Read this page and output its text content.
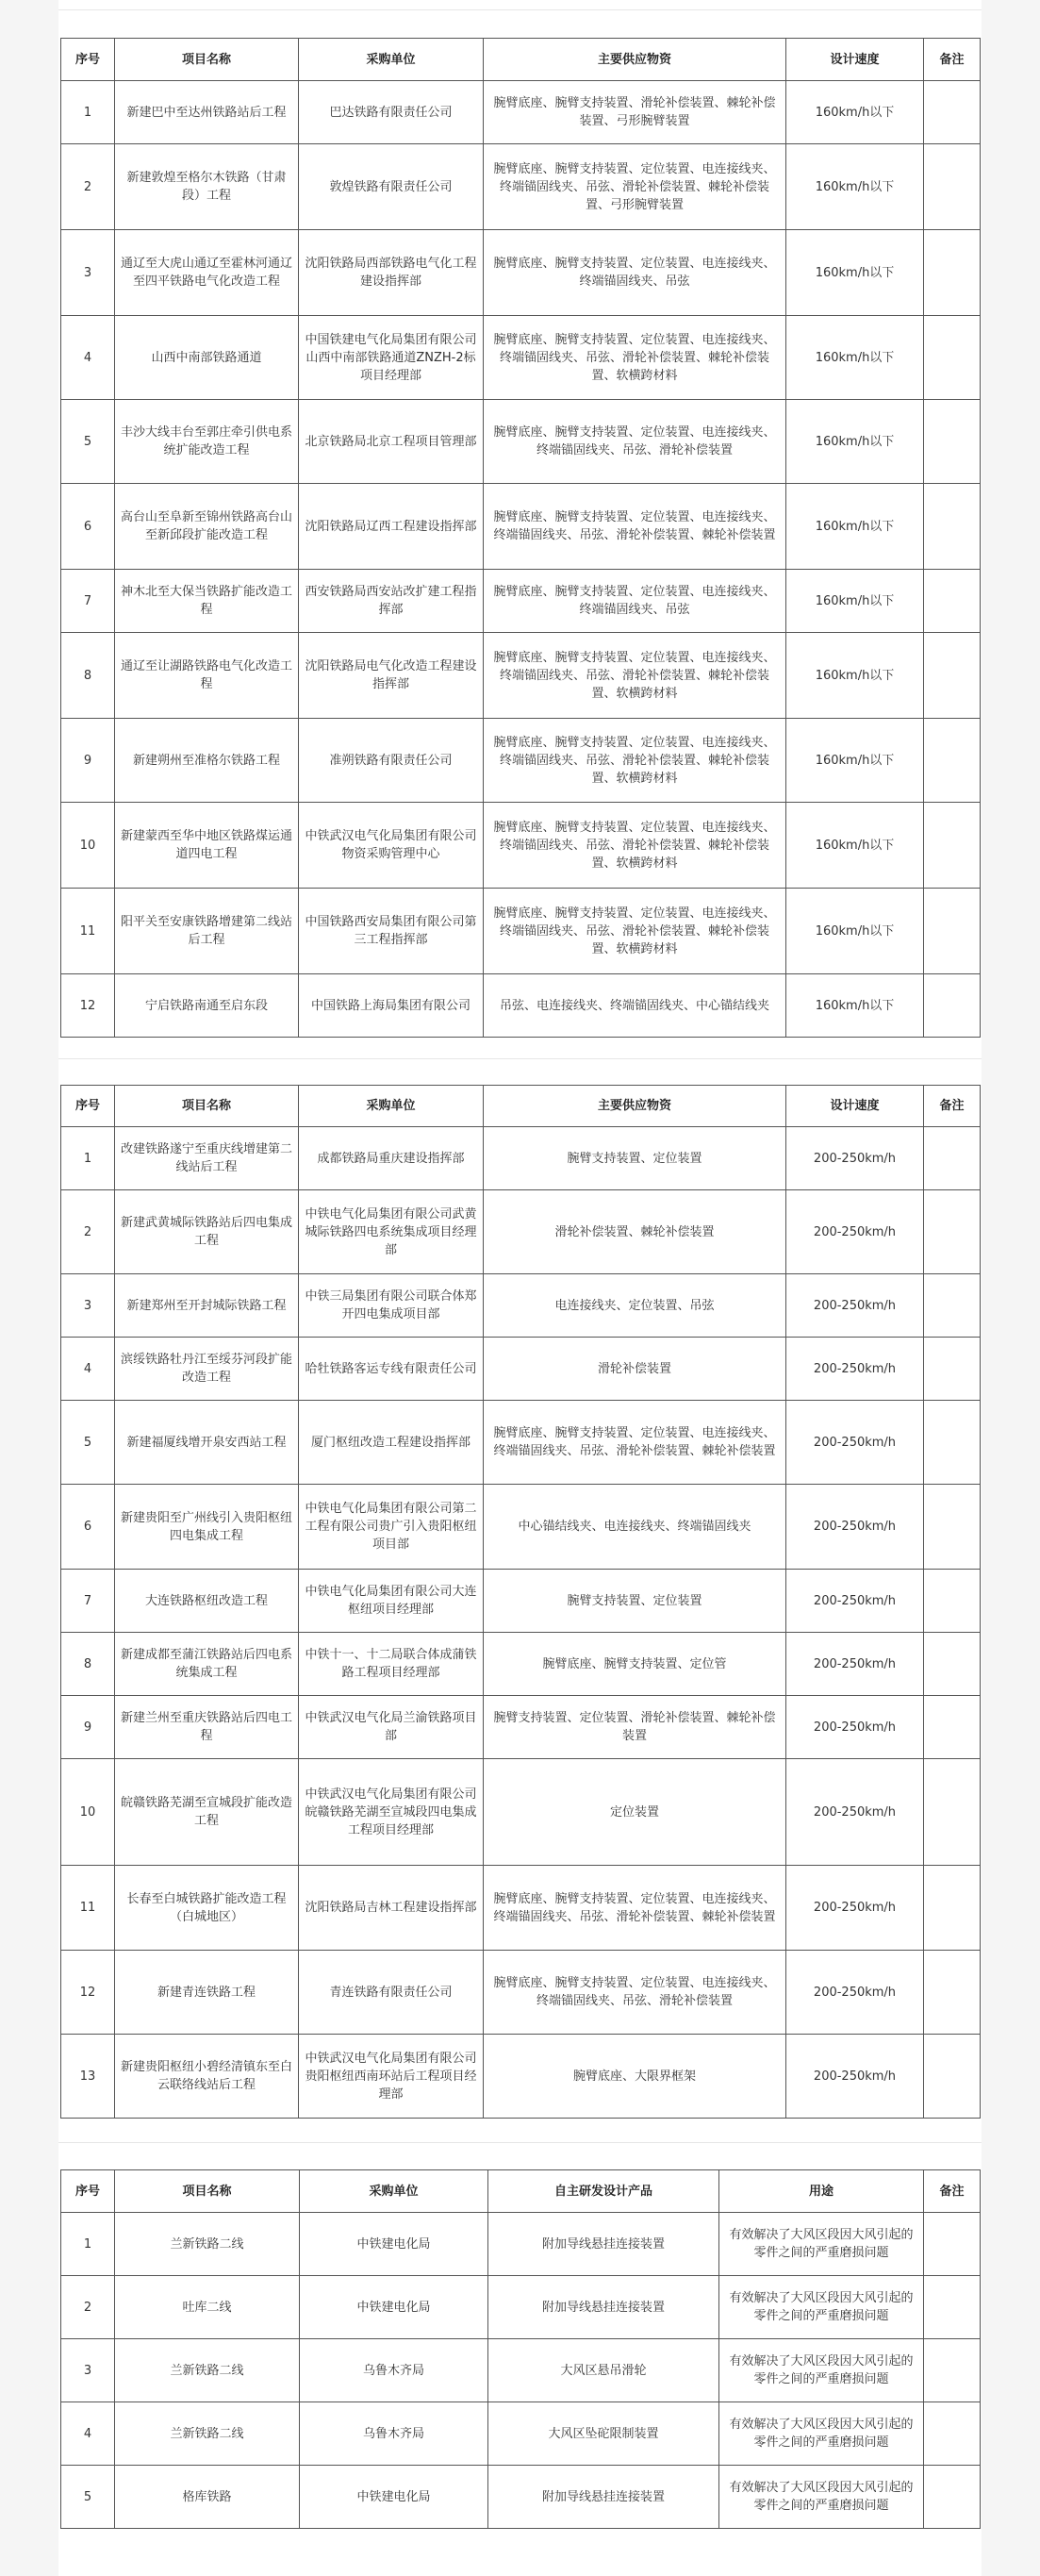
序号	项目名称	采购单位	主要供应物资	设计速度	备注
1	新建巴中至达州铁路站后工程	巴达铁路有限责任公司	腕臂底座、腕臂支持装置、滑轮补偿装置、棘轮补偿装置、弓形腕臂装置	160km/h以下	
2	新建敦煌至格尔木铁路（甘肃段）工程	敦煌铁路有限责任公司	腕臂底座、腕臂支持装置、定位装置、电连接线夹、终端锚固线夹、吊弦、滑轮补偿装置、棘轮补偿装置、弓形腕臂装置	160km/h以下	
3	通辽至大虎山通辽至霍林河通辽至四平铁路电气化改造工程	沈阳铁路局西部铁路电气化工程建设指挥部	腕臂底座、腕臂支持装置、定位装置、电连接线夹、终端锚固线夹、吊弦	160km/h以下	
4	山西中南部铁路通道	中国铁建电气化局集团有限公司山西中南部铁路通道ZNZH-2标项目经理部	腕臂底座、腕臂支持装置、定位装置、电连接线夹、终端锚固线夹、吊弦、滑轮补偿装置、棘轮补偿装置、软横跨材料	160km/h以下	
5	丰沙大线丰台至郭庄牵引供电系统扩能改造工程	北京铁路局北京工程项目管理部	腕臂底座、腕臂支持装置、定位装置、电连接线夹、终端锚固线夹、吊弦、滑轮补偿装置	160km/h以下	
6	高台山至阜新至锦州铁路高台山至新邱段扩能改造工程	沈阳铁路局辽西工程建设指挥部	腕臂底座、腕臂支持装置、定位装置、电连接线夹、终端锚固线夹、吊弦、滑轮补偿装置、棘轮补偿装置	160km/h以下	
7	神木北至大保当铁路扩能改造工程	西安铁路局西安站改扩建工程指挥部	腕臂底座、腕臂支持装置、定位装置、电连接线夹、终端锚固线夹、吊弦	160km/h以下	
8	通辽至让湖路铁路电气化改造工程	沈阳铁路局电气化改造工程建设指挥部	腕臂底座、腕臂支持装置、定位装置、电连接线夹、终端锚固线夹、吊弦、滑轮补偿装置、棘轮补偿装置、软横跨材料	160km/h以下	
9	新建朔州至准格尔铁路工程	准朔铁路有限责任公司	腕臂底座、腕臂支持装置、定位装置、电连接线夹、终端锚固线夹、吊弦、滑轮补偿装置、棘轮补偿装置、软横跨材料	160km/h以下	
10	新建蒙西至华中地区铁路煤运通道四电工程	中铁武汉电气化局集团有限公司物资采购管理中心	腕臂底座、腕臂支持装置、定位装置、电连接线夹、终端锚固线夹、吊弦、滑轮补偿装置、棘轮补偿装置、软横跨材料	160km/h以下	
11	阳平关至安康铁路增建第二线站后工程	中国铁路西安局集团有限公司第三工程指挥部	腕臂底座、腕臂支持装置、定位装置、电连接线夹、终端锚固线夹、吊弦、滑轮补偿装置、棘轮补偿装置、软横跨材料	160km/h以下	
12	宁启铁路南通至启东段	中国铁路上海局集团有限公司	吊弦、电连接线夹、终端锚固线夹、中心锚结线夹	160km/h以下	
序号	项目名称	采购单位	主要供应物资	设计速度	备注
1	改建铁路遂宁至重庆线增建第二线站后工程	成都铁路局重庆建设指挥部	腕臂支持装置、定位装置	200-250km/h	
2	新建武黄城际铁路站后四电集成工程	中铁电气化局集团有限公司武黄城际铁路四电系统集成项目经理部	滑轮补偿装置、棘轮补偿装置	200-250km/h	
3	新建郑州至开封城际铁路工程	中铁三局集团有限公司联合体郑开四电集成项目部	电连接线夹、定位装置、吊弦	200-250km/h	
4	滨绥铁路牡丹江至绥芬河段扩能改造工程	哈牡铁路客运专线有限责任公司	滑轮补偿装置	200-250km/h	
5	新建福厦线增开泉安西站工程	厦门枢纽改造工程建设指挥部	腕臂底座、腕臂支持装置、定位装置、电连接线夹、终端锚固线夹、吊弦、滑轮补偿装置、棘轮补偿装置	200-250km/h	
6	新建贵阳至广州线引入贵阳枢纽四电集成工程	中铁电气化局集团有限公司第二工程有限公司贵广引入贵阳枢纽项目部	中心锚结线夹、电连接线夹、终端锚固线夹	200-250km/h	
7	大连铁路枢纽改造工程	中铁电气化局集团有限公司大连枢纽项目经理部	腕臂支持装置、定位装置	200-250km/h	
8	新建成都至蒲江铁路站后四电系统集成工程	中铁十一、十二局联合体成蒲铁路工程项目经理部	腕臂底座、腕臂支持装置、定位管	200-250km/h	
9	新建兰州至重庆铁路站后四电工程	中铁武汉电气化局兰渝铁路项目部	腕臂支持装置、定位装置、滑轮补偿装置、棘轮补偿装置	200-250km/h	
10	皖赣铁路芜湖至宣城段扩能改造工程	中铁武汉电气化局集团有限公司皖赣铁路芜湖至宣城段四电集成工程项目经理部	定位装置	200-250km/h	
11	长春至白城铁路扩能改造工程（白城地区）	沈阳铁路局吉林工程建设指挥部	腕臂底座、腕臂支持装置、定位装置、电连接线夹、终端锚固线夹、吊弦、滑轮补偿装置、棘轮补偿装置	200-250km/h	
12	新建青连铁路工程	青连铁路有限责任公司	腕臂底座、腕臂支持装置、定位装置、电连接线夹、终端锚固线夹、吊弦、滑轮补偿装置	200-250km/h	
13	新建贵阳枢纽小碧经清镇东至白云联络线站后工程	中铁武汉电气化局集团有限公司贵阳枢纽西南环站后工程项目经理部	腕臂底座、大限界框架	200-250km/h	
序号	项目名称	采购单位	自主研发设计产品	用途	备注
1	兰新铁路二线	中铁建电化局	附加导线悬挂连接装置	有效解决了大风区段因大风引起的零件之间的严重磨损问题	
2	吐库二线	中铁建电化局	附加导线悬挂连接装置	有效解决了大风区段因大风引起的零件之间的严重磨损问题	
3	兰新铁路二线	乌鲁木齐局	大风区悬吊滑轮	有效解决了大风区段因大风引起的零件之间的严重磨损问题	
4	兰新铁路二线	乌鲁木齐局	大风区坠砣限制装置	有效解决了大风区段因大风引起的零件之间的严重磨损问题	
5	格库铁路	中铁建电化局	附加导线悬挂连接装置	有效解决了大风区段因大风引起的零件之间的严重磨损问题	
